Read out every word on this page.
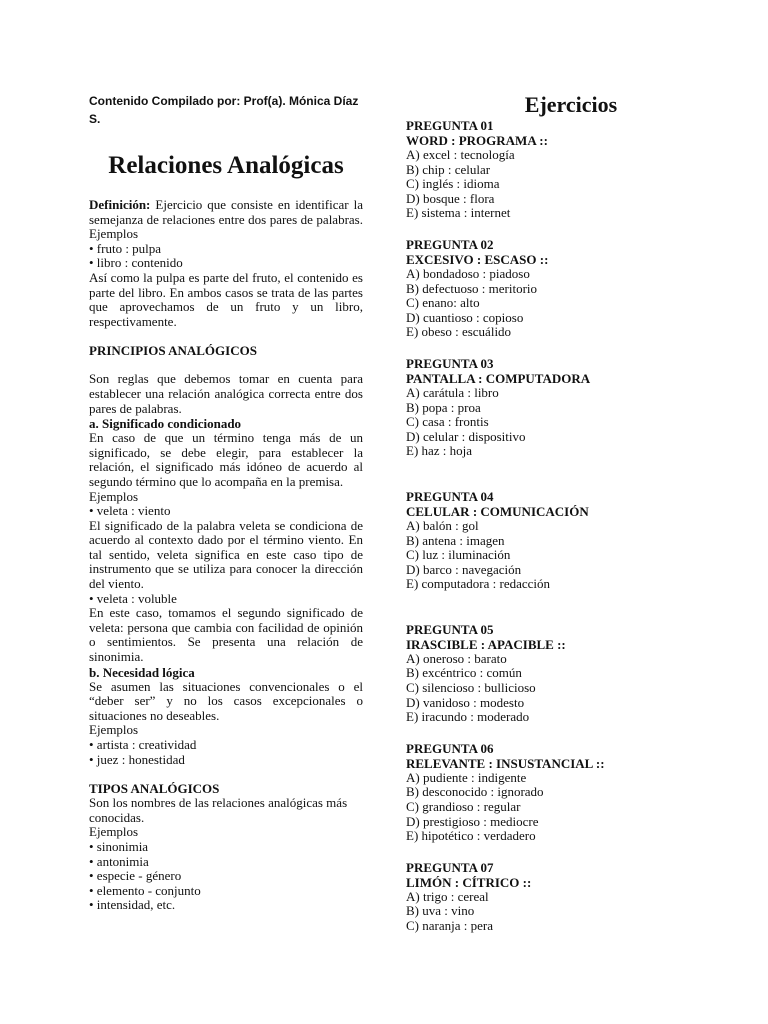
Contenido Compilado por: Prof(a). Mónica Díaz S.

Relaciones Analógicas

Definición: Ejercicio que consiste en identificar la semejanza de relaciones entre dos pares de palabras. Ejemplos

• fruto : pulpa
• libro : contenido

Así como la pulpa es parte del fruto, el contenido es parte del libro. En ambos casos se trata de las partes que aprovechamos de un fruto y un libro, respectivamente.

PRINCIPIOS ANALÓGICOS

Son reglas que debemos tomar en cuenta para establecer una relación analógica correcta entre dos pares de palabras.

a. Significado condicionado

En caso de que un término tenga más de un significado, se debe elegir, para establecer la relación, el significado más idóneo de acuerdo al segundo término que lo acompaña en la premisa.

Ejemplos
• veleta : viento

El significado de la palabra veleta se condiciona de acuerdo al contexto dado por el término viento. En tal sentido, veleta significa en este caso tipo de instrumento que se utiliza para conocer la dirección del viento.

• veleta : voluble

En este caso, tomamos el segundo significado de veleta: persona que cambia con facilidad de opinión o sentimientos. Se presenta una relación de sinonimia.

b. Necesidad lógica

Se asumen las situaciones convencionales o el “deber ser” y no los casos excepcionales o situaciones no deseables.

Ejemplos
• artista : creatividad
• juez : honestidad
TIPOS ANALÓGICOS

Son los nombres de las relaciones analógicas más conocidas.

Ejemplos
• sinonimia
• antonimia
• especie - género
• elemento - conjunto
• intensidad, etc.
Ejercicios
PREGUNTA 01
WORD : PROGRAMA ::
A) excel : tecnología
B) chip : celular
C) inglés : idioma
D) bosque : flora
E) sistema : internet
PREGUNTA 02
EXCESIVO : ESCASO ::
A) bondadoso : piadoso
B) defectuoso : meritorio
C) enano: alto
D) cuantioso : copioso
E) obeso : escuálido
PREGUNTA 03
PANTALLA : COMPUTADORA
A) carátula : libro
B) popa : proa
C) casa : frontis
D) celular : dispositivo
E) haz : hoja
PREGUNTA 04
CELULAR : COMUNICACIÓN
A) balón : gol
B) antena : imagen
C) luz : iluminación
D) barco : navegación
E) computadora : redacción
PREGUNTA 05
IRASCIBLE : APACIBLE ::
A) oneroso : barato
B) excéntrico : común
C) silencioso : bullicioso
D) vanidoso : modesto
E) iracundo : moderado
PREGUNTA 06
RELEVANTE : INSUSTANCIAL ::
A) pudiente : indigente
B) desconocido : ignorado
C) grandioso : regular
D) prestigioso : mediocre
E) hipotético : verdadero
PREGUNTA 07
LIMÓN : CÍTRICO ::
A) trigo : cereal
B) uva : vino
C) naranja : pera
